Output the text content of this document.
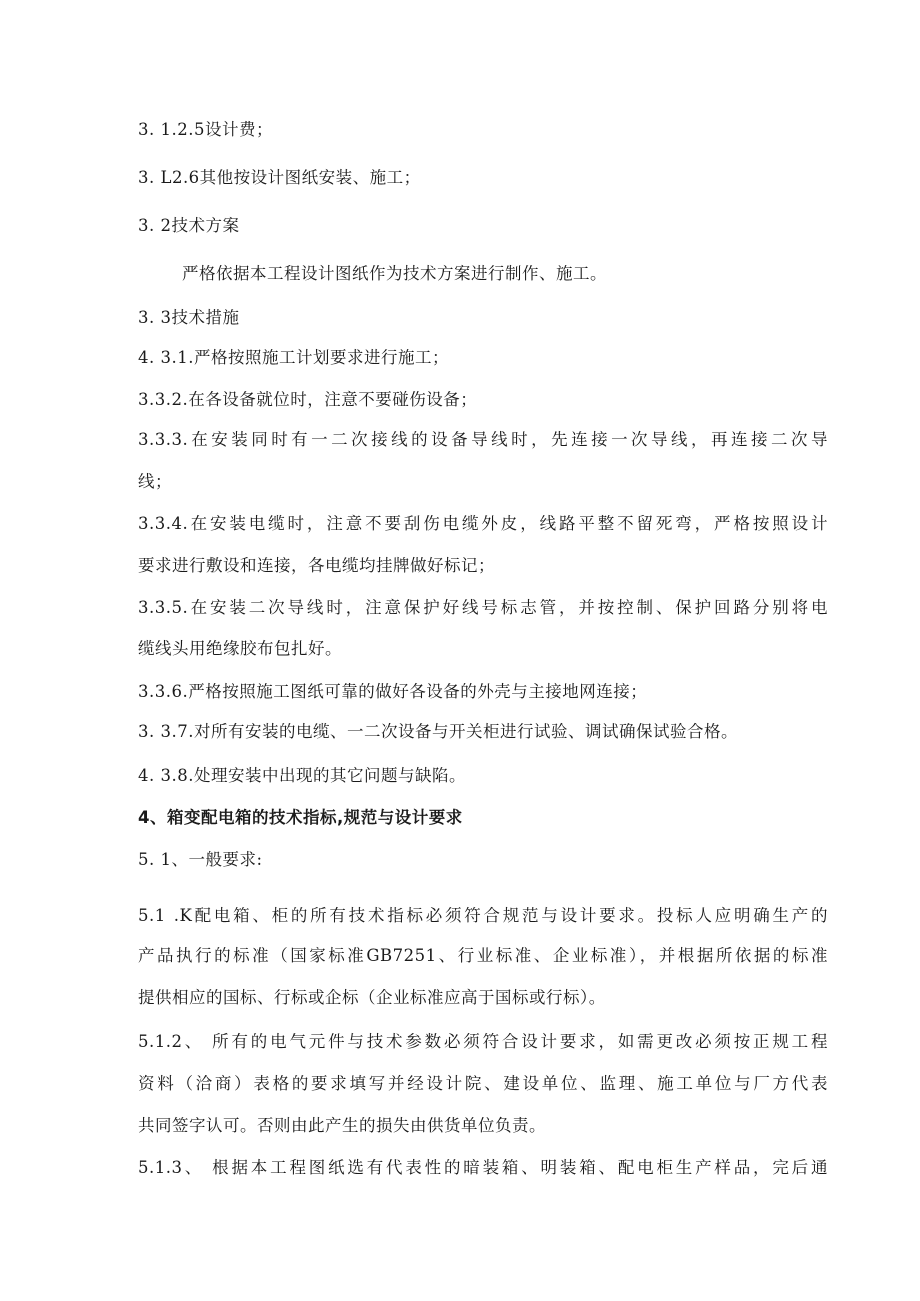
3. 1.2.5设计费；
3. L2.6其他按设计图纸安装、施工；
3. 2技术方案
严格依据本工程设计图纸作为技术方案进行制作、施工。
3. 3技术措施
4. 3.1.严格按照施工计划要求进行施工；
3.3.2.在各设备就位时，注意不要碰伤设备；
3.3.3.在安装同时有一二次接线的设备导线时，先连接一次导线，再连接二次导
线；
3.3.4.在安装电缆时，注意不要刮伤电缆外皮，线路平整不留死弯，严格按照设计
要求进行敷设和连接，各电缆均挂牌做好标记；
3.3.5.在安装二次导线时，注意保护好线号标志管，并按控制、保护回路分别将电
缆线头用绝缘胶布包扎好。
3.3.6.严格按照施工图纸可靠的做好各设备的外壳与主接地网连接；
3. 3.7.对所有安装的电缆、一二次设备与开关柜进行试验、调试确保试验合格。
4. 3.8.处理安装中出现的其它问题与缺陷。
4、箱变配电箱的技术指标,规范与设计要求
5. 1、一般要求:
5.1 .K配电箱、柜的所有技术指标必须符合规范与设计要求。投标人应明确生产的
产品执行的标准（国家标准GB7251、行业标准、企业标准），并根据所依据的标准
提供相应的国标、行标或企标（企业标准应高于国标或行标）。
5.1.2、 所有的电气元件与技术参数必须符合设计要求，如需更改必须按正规工程
资料（洽商）表格的要求填写并经设计院、建设单位、监理、施工单位与厂方代表
共同签字认可。否则由此产生的损失由供货单位负责。
5.1.3、 根据本工程图纸选有代表性的暗装箱、明装箱、配电柜生产样品，完后通
